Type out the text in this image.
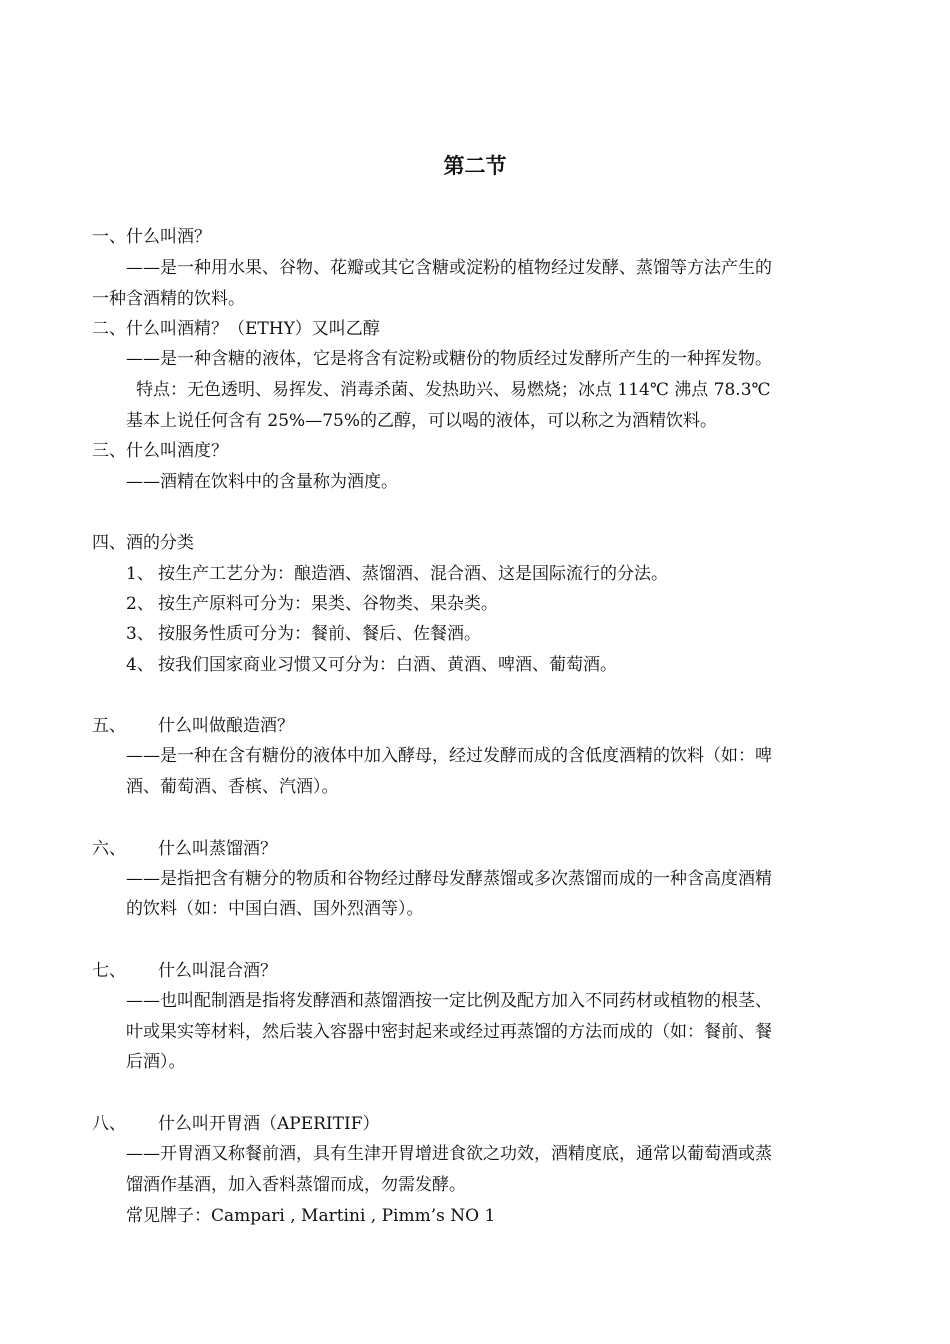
第二节
一、什么叫酒？
——是一种用水果、谷物、花瓣或其它含糖或淀粉的植物经过发酵、蒸馏等方法产生的
一种含酒精的饮料。
二、什么叫酒精？（ETHY）又叫乙醇
——是一种含糖的液体，它是将含有淀粉或糖份的物质经过发酵所产生的一种挥发物。
特点：无色透明、易挥发、消毒杀菌、发热助兴、易燃烧；冰点 114℃ 沸点 78.3℃
基本上说任何含有 25%—75%的乙醇，可以喝的液体，可以称之为酒精饮料。
三、什么叫酒度？
——酒精在饮料中的含量称为酒度。
四、酒的分类
1、 按生产工艺分为：酿造酒、蒸馏酒、混合酒、这是国际流行的分法。
2、 按生产原料可分为：果类、谷物类、果杂类。
3、 按服务性质可分为：餐前、餐后、佐餐酒。
4、 按我们国家商业习惯又可分为：白酒、黄酒、啤酒、葡萄酒。
五、 什么叫做酿造酒？
——是一种在含有糖份的液体中加入酵母，经过发酵而成的含低度酒精的饮料（如：啤
酒、葡萄酒、香槟、汽酒）。
六、 什么叫蒸馏酒？
——是指把含有糖分的物质和谷物经过酵母发酵蒸馏或多次蒸馏而成的一种含高度酒精
的饮料（如：中国白酒、国外烈酒等）。
七、 什么叫混合酒？
——也叫配制酒是指将发酵酒和蒸馏酒按一定比例及配方加入不同药材或植物的根茎、
叶或果实等材料，然后装入容器中密封起来或经过再蒸馏的方法而成的（如：餐前、餐
后酒）。
八、 什么叫开胃酒（APERITIF）
——开胃酒又称餐前酒，具有生津开胃增进食欲之功效，酒精度底，通常以葡萄酒或蒸
馏酒作基酒，加入香料蒸馏而成，勿需发酵。
常见牌子：Campari , Martini , Pimm’s NO 1
